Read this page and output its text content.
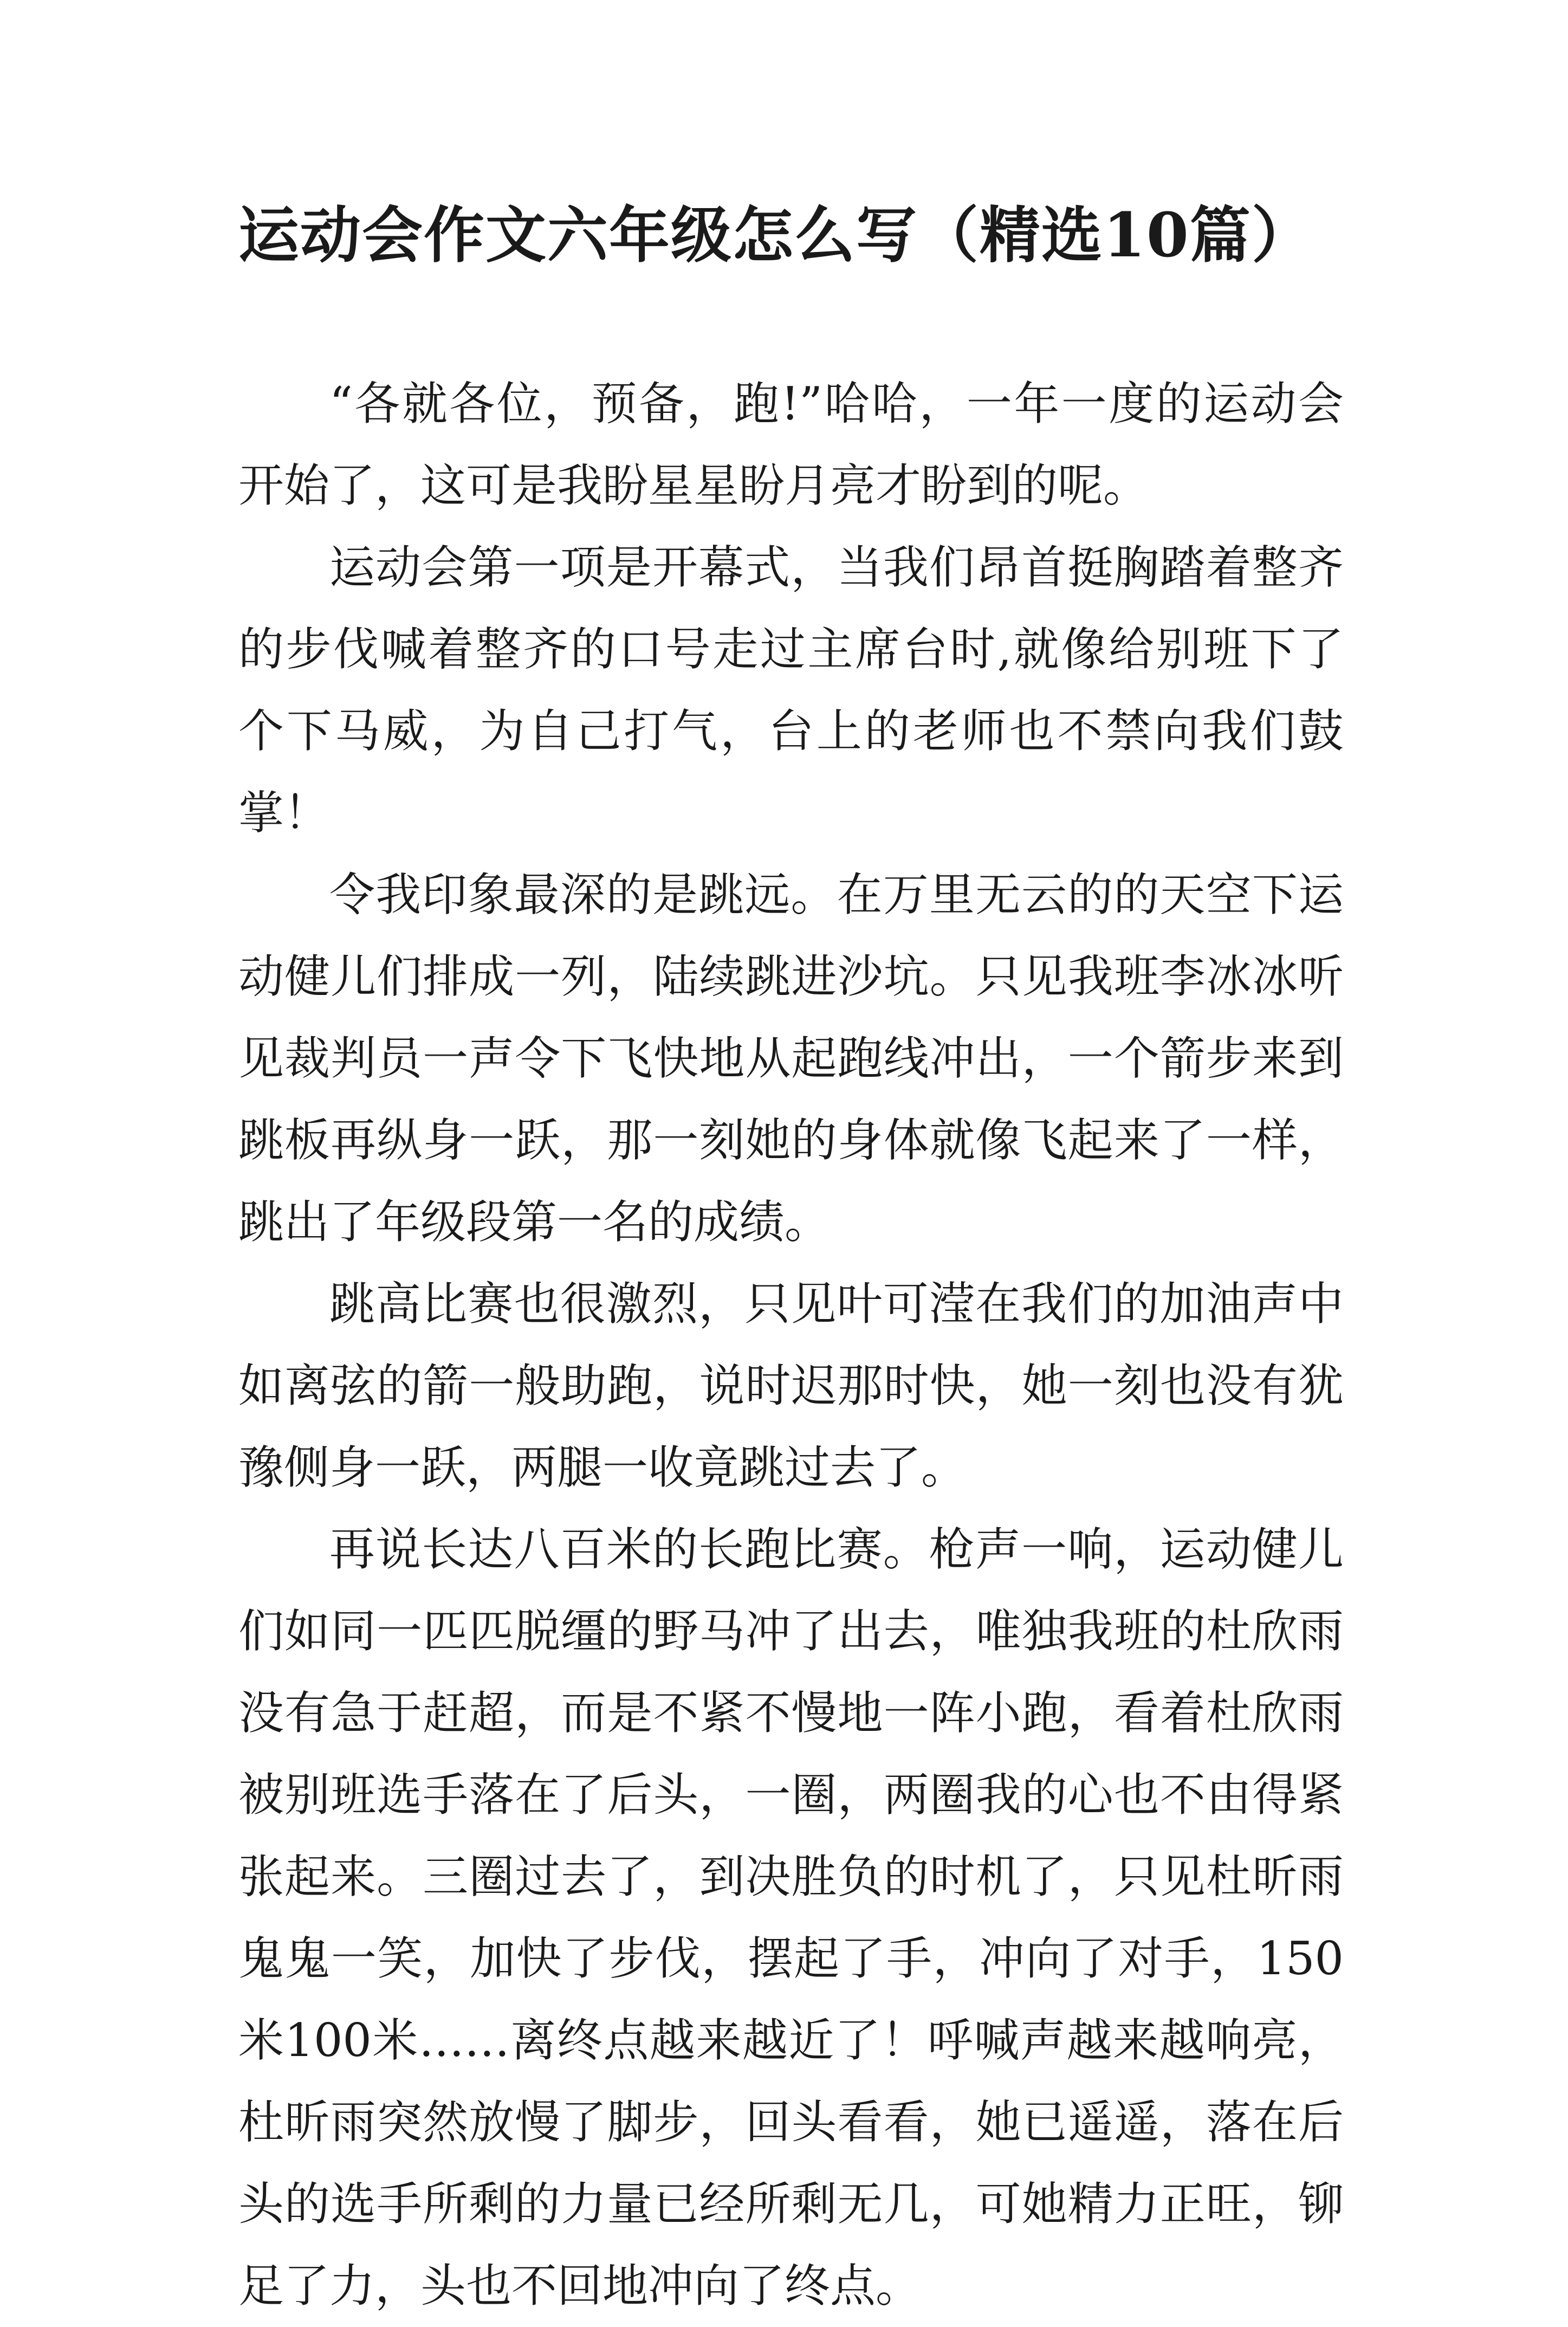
运动会作文六年级怎么写（精选10篇）

“各就各位，预备，跑!”哈哈，一年一度的运动会开始了，这可是我盼星星盼月亮才盼到的呢。

运动会第一项是开幕式，当我们昂首挺胸踏着整齐的步伐喊着整齐的口号走过主席台时,就像给别班下了个下马威，为自己打气，台上的老师也不禁向我们鼓掌！

令我印象最深的是跳远。在万里无云的的天空下运动健儿们排成一列，陆续跳进沙坑。只见我班李冰冰听见裁判员一声令下飞快地从起跑线冲出，一个箭步来到跳板再纵身一跃，那一刻她的身体就像飞起来了一样，跳出了年级段第一名的成绩。

跳高比赛也很激烈，只见叶可滢在我们的加油声中如离弦的箭一般助跑，说时迟那时快，她一刻也没有犹豫侧身一跃，两腿一收竟跳过去了。

再说长达八百米的长跑比赛。枪声一响，运动健儿们如同一匹匹脱缰的野马冲了出去，唯独我班的杜欣雨没有急于赶超，而是不紧不慢地一阵小跑，看着杜欣雨被别班选手落在了后头，一圈，两圈我的心也不由得紧张起来。三圈过去了，到决胜负的时机了，只见杜昕雨鬼鬼一笑，加快了步伐，摆起了手，冲向了对手，150米100米……离终点越来越近了！呼喊声越来越响亮，杜昕雨突然放慢了脚步，回头看看，她已遥遥，落在后头的选手所剩的力量已经所剩无几，可她精力正旺，铆足了力，头也不回地冲向了终点。
